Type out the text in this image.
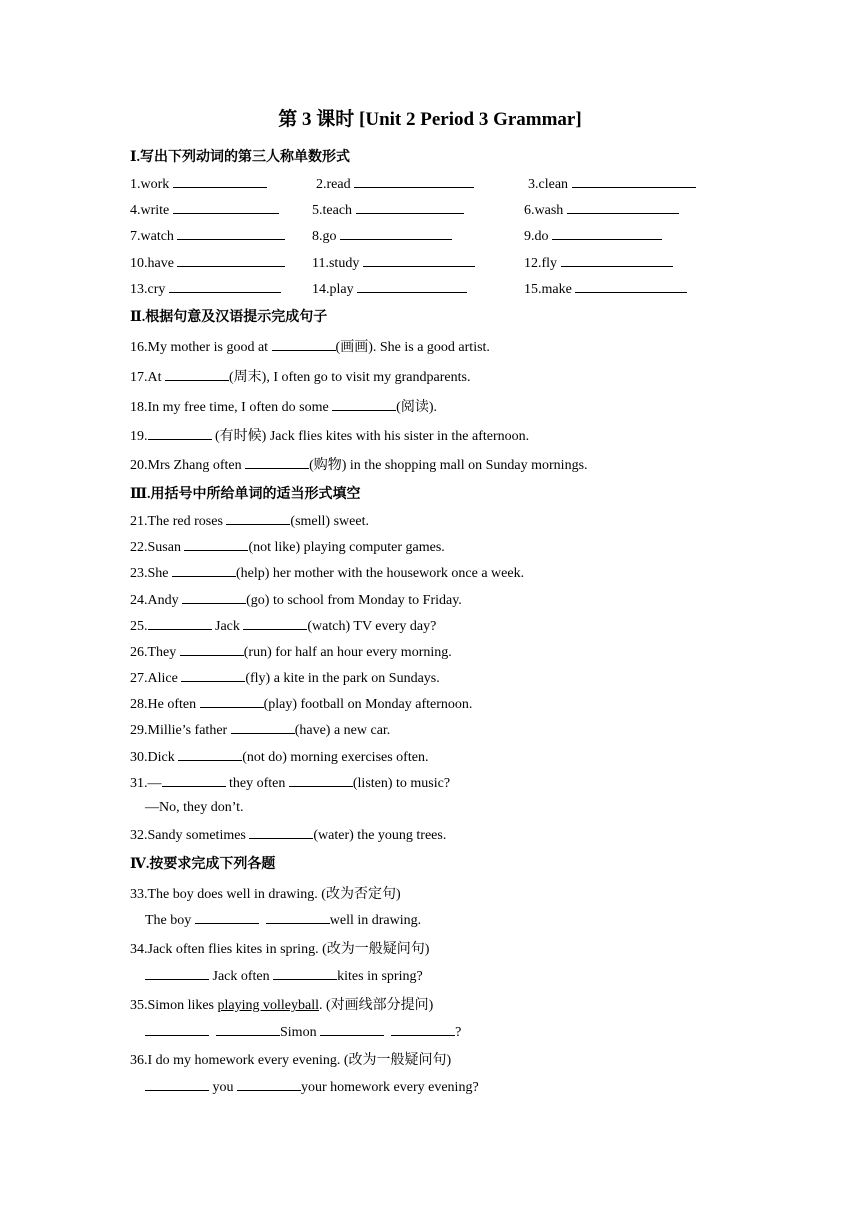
第 3 课时 [Unit 2 Period 3 Grammar]
Ⅰ.写出下列动词的第三人称单数形式
1.work	2.read	3.clean
4.write	5.teach	6.wash
7.watch	8.go	9.do
10.have	11.study	12.fly
13.cry	14.play	15.make
Ⅱ.根据句意及汉语提示完成句子
16.My mother is good at	(画画). She is a good artist.
17.At	(周末), I often go to visit my grandparents.
18.In my free time, I often do some	(阅读).
19.	(有时候) Jack flies kites with his sister in the afternoon.
20.Mrs Zhang often	(购物) in the shopping mall on Sunday mornings.
Ⅲ.用括号中所给单词的适当形式填空
21.The red roses	(smell) sweet.
22.Susan	(not like) playing computer games.
23.She	(help) her mother with the housework once a week.
24.Andy	(go) to school from Monday to Friday.
25.	Jack	(watch) TV every day?
26.They	(run) for half an hour every morning.
27.Alice	(fly) a kite in the park on Sundays.
28.He often	(play) football on Monday afternoon.
29.Millie’s father	(have) a new car.
30.Dick	(not do) morning exercises often.
31.—	they often	(listen) to music?
—No, they don’t.
32.Sandy sometimes	(water) the young trees.
Ⅳ.按要求完成下列各题
33.The boy does well in drawing. (改为否定句)
The boy	well in drawing.
34.Jack often flies kites in spring. (改为一般疑问句)
Jack often	kites in spring?
35.Simon likes playing volleyball. (对画线部分提问)
Simon	?
36.I do my homework every evening. (改为一般疑问句)
you	your homework every evening?
